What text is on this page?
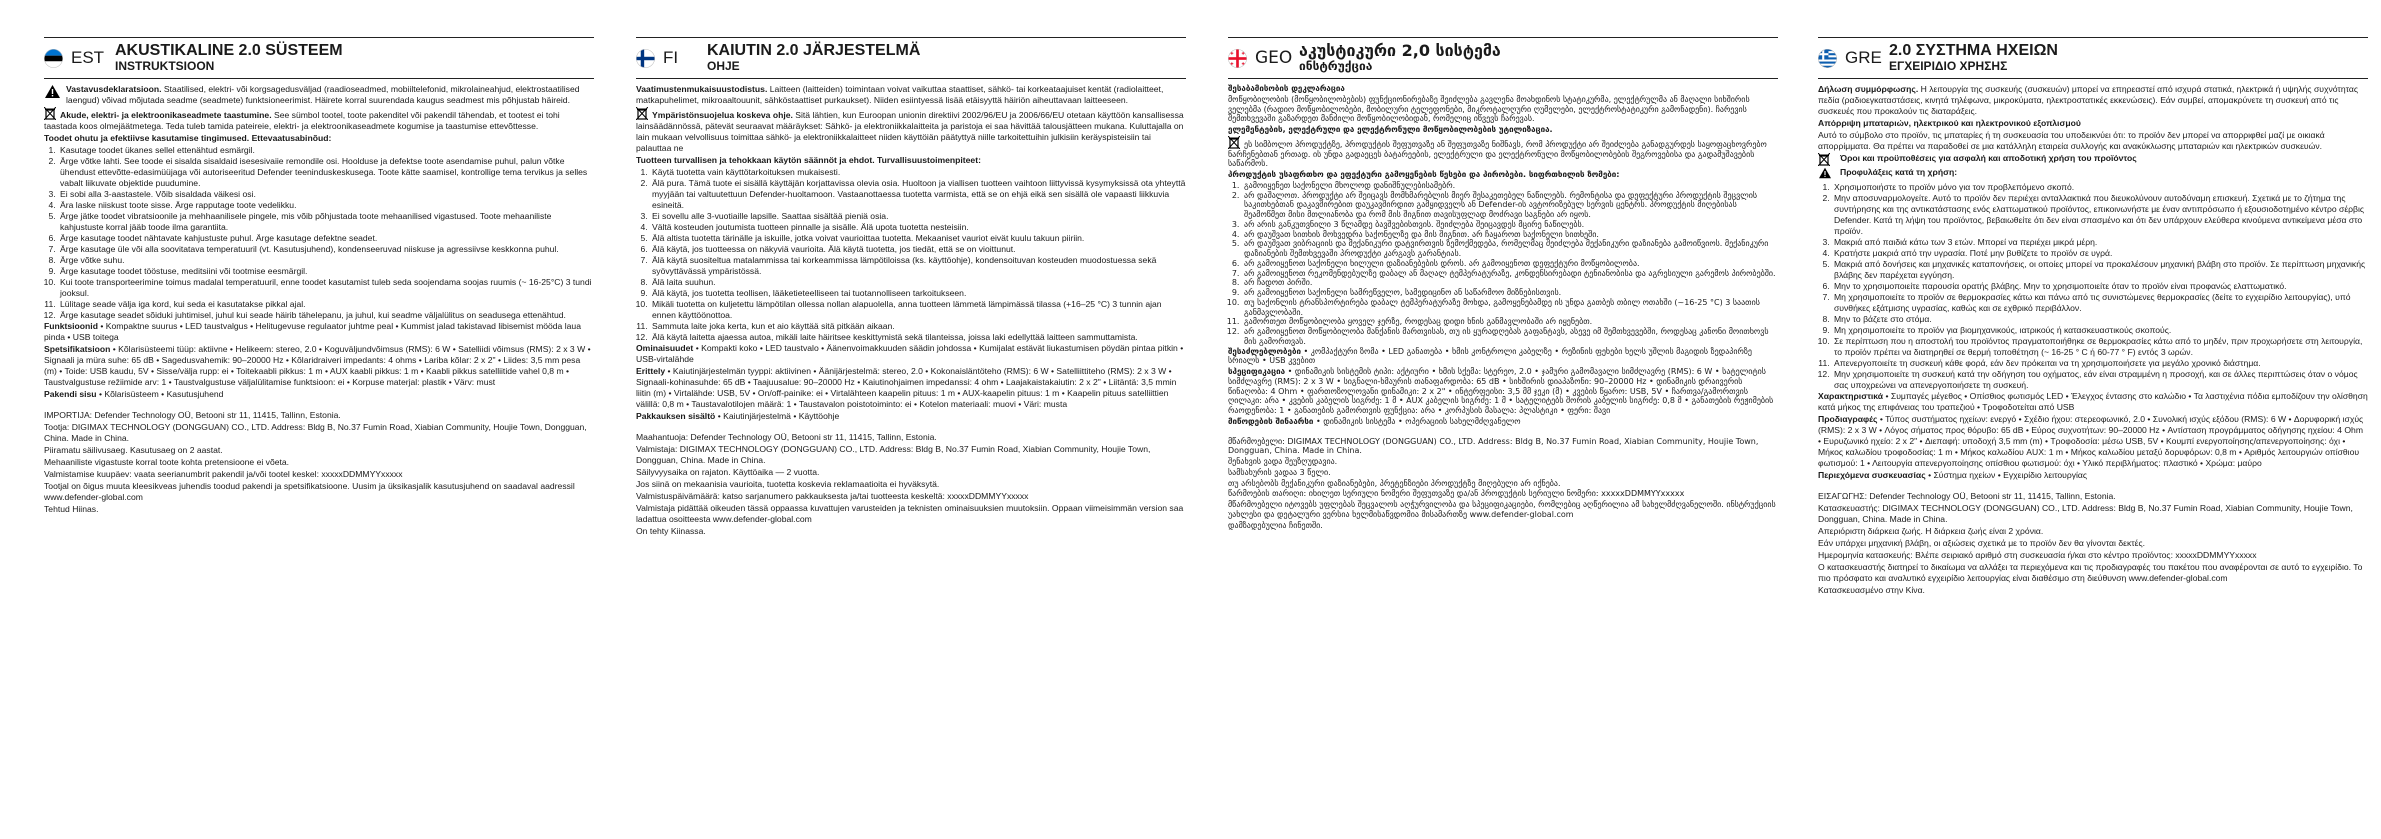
EST AKUSTIKALINE 2.0 SÜSTEEM
INSTRUKTSIOON

Vastavusdeklaratsioon. Staatilised, elektri- või korgsagedusväljad (raadioseadmed, mobiiltelefonid, mikrolaineahjud, elektrostaatilised laengud) võivad mõjutada seadme (seadmete) funktsioneerimist. Häirete korral suurendada kaugus seadmest mis põhjustab häireid.

Akude, elektri- ja elektroonikaseadmete taastumine. See sümbol tootel, toote pakenditel või pakendil tähendab, et tootest ei tohi taastada koos olmejäätmetega. Teda tuleb tamida pateireie, elektri- ja elektroonikaseadmete kogumise ja taastumise ettevõttesse.

Toodet ohutu ja efektiivse kasutamise tingimused. Ettevaatusabinõud:

1. Kasutage toodet ükanes sellel ettenähtud esmärgil.
2. Ärge võtke lahti. See toode ei sisalda sisaldaid isesesivaiie remondile osi. Hoolduse ja defektse toote asendamise puhul, palun võtke ühendust ettevõtte-edasimüüjaga või autoriseeritud Defender teeninduskeskusega. Toote kätte saamisel, kontrollige tema tervikus ja selles vabalt liikuvate objektide puudumine.
3. Ei sobi alla 3-aastastele. Võib sisaldada väikesi osi.
4. Ära laske niiskust toote sisse. Ärge rapputage toote vedelikku.
5. Ärge jätke toodet vibratsioonile ja mehhaanilisele pingele, mis võib põhjustada toote mehaanilised vigastused. Toote mehaaniliste kahjustuste korral jääb toode ilma garantiita.
6. Ärge kasutage toodet nähtavate kahjustuste puhul. Ärge kasutage defektne seadet.
7. Ärge kasutage üle või alla soovitatava temperatuuril (vt. Kasutusjuhend), kondenseeruvad niiskuse ja agressiivse keskkonna puhul.
8. Ärge võtke suhu.
9. Ärge kasutage toodet tööstuse, meditsiini või tootmise eesmärgil.
10. Kui toote transporteerimine toimus madalal temperatuuril, enne toodet kasutamist tuleb seda soojendama soojas ruumis (~ 16-25°C) 3 tundi jooksul.
11. Lülitage seade välja iga kord, kui seda ei kasutatakse pikkal ajal.
12. Ärge kasutage seadet sõiduki juhtimisel, juhul kui seade häirib tähelepanu, ja juhul, kui seadme väljalülitus on seadusega ettenähtud.

Funktsioonid • Kompaktne suurus • LED taustvalgus • Helitugevuse regulaator juhtme peal • Kummist jalad takistavad libisemist mööda laua pinda • USB toitega

Spetsifikatsioon • Kõlarisüsteemi tüüp: aktiivne • Helikeem: stereo, 2.0 • Koguväljundvõimsus (RMS): 6 W • Satelliidi võimsus (RMS): 2 x 3 W • Signaali ja müra suhe: 65 dB • Sagedusvahemik: 90–20000 Hz • Kõlaridraiveri impedants: 4 ohms • Lariba kõlar: 2 x 2" • Liides: 3,5 mm pesa (m) • Toide: USB kaudu, 5V • Sisse/välja rupp: ei • Toitekaabli pikkus: 1 m • AUX kaabli pikkus: 1 m • Kaabli pikkus satelliitide vahel 0,8 m • Taustvalgustuse režiimide arv: 1 • Taustvalgustuse väljalülitamise funktsioon: ei • Korpuse materjal: plastik • Värv: must

Pakendi sisu • Kõlarisüsteem • Kasutusjuhend

IMPORTIJA: Defender Technology OÜ, Betooni str 11, 11415, Tallinn, Estonia.

Tootja: DIGIMAX TECHNOLOGY (DONGGUAN) CO., LTD. Address: Bldg B, No.37 Fumin Road, Xiabian Community, Houjie Town, Dongguan, China. Made in China.

Piiramatu säilivusaeg. Kasutusaeg on 2 aastat.

Mehaaniliste vigastuste korral toote kohta pretensioone ei võeta.

Valmistamise kuupäev: vaata seerianumbrit pakendil ja/või tootel keskel: xxxxxDDMMYYxxxxx

Tootjal on õigus muuta kleesikveas juhendis toodud pakendi ja spetsifikatsioone. Uusim ja üksikasjalik kasutusjuhend on saadaval aadressil www.defender-global.com

Tehtud Hiinas.

FI	KAIUTIN 2.0 JÄRJESTELMÄ
OHJE

Vaatimustenmukaisuustodistus. Laitteen (laitteiden) toimintaan voivat vaikuttaa staattiset, sähkö- tai korkeataajuiset kentät (radiolaitteet, matkapuhelimet, mikroaaltouunit, sähköstaattiset purkaukset). Niiden esiintyessä lisää etäisyyttä häiriön aiheuttavaan laitteeseen.

Ympäristönsuojelua koskeva ohje. Sitä lähtien, kun Euroopan unionin direktiivi 2002/96/EU ja 2006/66/EU otetaan käyttöön kansallisessa lainsäädännössä, pätevät seuraavat määräykset: Sähkö- ja elektroniikkalaitteita ja paristoja ei saa hävittää talousjätteen mukana. Kuluttajalla on lain mukaan velvollisuus toimittaa sähkö- ja elektroniikkalaitteet niiden käyttöiän päätyttyä niille tarkoitettuihin julkisiin keräyspisteisiin tai palauttaa ne

Tuotteen turvallisen ja tehokkaan käytön säännöt ja ehdot. Turvallisuustoimenpiteet:

1. Käytä tuotetta vain käyttötarkoituksen mukaisesti.
2. Älä pura. Tämä tuote ei sisällä käyttäjän korjattavissa olevia osia. Huoltoon ja viallisen tuotteen vaihtoon liittyvissä kysymyksissä ota yhteyttä myyjään tai valtuutettuun Defender-huoltamoon. Vastaanottaessa tuotetta varmista, että se on ehjä eikä sen sisällä ole vapaasti liikkuvia esineitä.
3. Ei sovellu alle 3-vuotiaille lapsille. Saattaa sisältää pieniä osia.
4. Vältä kosteuden joutumista tuotteen pinnalle ja sisälle. Älä upota tuotetta nesteisiin.
5. Älä altista tuotetta tärinälle ja iskuille, jotka voivat vaurioittaa tuotetta. Mekaaniset vauriot eivät kuulu takuun piiriin.
6. Älä käytä, jos tuotteessa on näkyviä vaurioita. Älä käytä tuotetta, jos tiedät, että se on vioittunut.
7. Älä käytä suositeltua matalammissa tai korkeammissa lämpötiloissa (ks. käyttöohje), kondensoituvan kosteuden muodostuessa sekä syövyttävässä ympäristössä.
8. Älä laita suuhun.
9. Älä käytä, jos tuotetta teollisen, lääketieteelliseen tai tuotannolliseen tarkoitukseen.
10. Mikäli tuotetta on kuljetettu lämpötilan ollessa nollan alapuolella, anna tuotteen lämmetä lämpimässä tilassa (+16–25 °C) 3 tunnin ajan ennen käyttöönottoa.
11. Sammuta laite joka kerta, kun et aio käyttää sitä pitkään aikaan.
12. Älä käytä laitetta ajaessa autoa, mikäli laite häiritsee keskittymistä sekä tilanteissa, joissa laki edellyttää laitteen sammuttamista.

Ominaisuudet • Kompakti koko • LED taustvalo • Äänenvoimakkuuden säädin johdossa • Kumijalat estävät liukastumisen pöydän pintaa pitkin • USB-virtalähde

Erittely • Kaiutinjärjestelmän tyyppi: aktiivinen • Äänijärjestelmä: stereo, 2.0 • Kokonaisläntöteho (RMS): 6 W • Satelliittiteho (RMS): 2 x 3 W • Signaali-kohinasuhde: 65 dB • Taajuusalue: 90–20000 Hz • Kaiutinohjaimen impedanssi: 4 ohm • Laajakaistakaiutin: 2 x 2" • Liitäntä: 3,5 mmin liitin (m) • Virtalähde: USB, 5V • On/off-painike: ei • Virtalähteen kaapelin pituus: 1 m • AUX-kaapelin pituus: 1 m • Kaapelin pituus satelliittien välillä: 0,8 m • Taustavalotilojen määrä: 1 • Taustavalon poistotoiminto: ei • Kotelon materiaali: muovi • Väri: musta

Pakkauksen sisältö • Kaiutinjärjestelmä • Käyttöohje

Maahantuoja: Defender Technology OÜ, Betooni str 11, 11415, Tallinn, Estonia.

Valmistaja: DIGIMAX TECHNOLOGY (DONGGUAN) CO., LTD. Address: Bldg B, No.37 Fumin Road, Xiabian Community, Houjie Town, Dongguan, China. Made in China.

Säilyvyysaika on rajaton. Käyttöaika — 2 vuotta.

Jos siinä on mekaanisia vaurioita, tuotetta koskevia reklamaatioita ei hyväksytä.

Valmistuspäivämäärä: katso sarjanumero pakkauksesta ja/tai tuotteesta keskeltä: xxxxxDDMMYYxxxxx

Valmistaja pidättää oikeuden tässä oppaassa kuvattujen varusteiden ja teknisten ominaisuuksien muutoksiin. Oppaan viimeisimmän version saa ladattua osoitteesta www.defender-global.com

On tehty Kiinassa.

GEO აკუსტიკური 2,0 სისტემა
ინსტრუქცია

შესაბამისობის დეკლარაცია

მოწყობილობის (მოწყობილობების) ფუნქციონირებაზე შეიძლება გავლენა მოახდინოს სტატიკურმა, ელექტრულმა ან მაღალი სიხშირის ველებმა (რადიო მოწყობილობები, მობილური ტელეფონები, მიკროტალღური ღუმელები, ელექტროსტატიკური გამონადენი). ჩარევის შემთხვევაში გაზარდეთ მანძილი მოწყობილობიდან, რომელიც იწვევს ჩარევას.

ელემენტების, ელექტრული და ელექტრონული მოწყობილობების უტილიზაცია.

ეს სიმბოლო პროდუქტზე, პროდუქტის შეფუთვაზე ან შეფუთვაზე ნიშნავს, რომ პროდუქტი არ შეიძლება განადგურდეს საყოფაცხოვრებო ნარჩენებთან ერთად. ის უნდა გადაეცეს ბატარეების, ელექტრული და ელექტრონული მოწყობილობების შეგროვებისა და გადამუშავების საწარმოს.

პროდუქტის უსაფრთხო და ეფექტური გამოყენების წესები და პირობები. სიფრთხილის ზომები:

1. გამოიყენეთ საქონელი მხოლოდ დანიშნულებისამებრ.
2. არ დაშალოთ. პროდუქტი არ შეიცავს მომხმარებლის მიერ შესაკეთებელ ნაწილებს. რემონტისა და დეფექტური პროდუქტის შეცვლის საკითხებთან დაკავშირებით დაუკავშირდით გამყიდველს ან Defender-ის ავტორიზებულ სერვის ცენტრს. პროდუქტის მიღებისას შეამოწმეთ მისი მთლიანობა და რომ მის შიგნით თავისუფლად მოძრავი საგნები არ იყოს.
3. არ არის განკუთვნილი 3 წლამდე ბავშვებისთვის. შეიძლება შეიცავდეს მცირე ნაწილებს.
4. არ დაუშვათ სითხის მოხვედრა საქონელზე და მის შიგნით. არ ჩაყაროთ საქონელი სითხეში.
5. არ დაუშვათ ვიბრაციის და მექანიკური დატვირთვის ზემოქმედება, რომელმაც შეიძლება მექანიკური დაზიანება გამოიწვიოს. მექანიკური დაზიანების შემთხვევაში პროდუქტი კარგავს გარანტიას.
6. არ გამოიყენოთ საქონელი ხილული დაზიანებების დროს. არ გამოიყენოთ დეფექტური მოწყობილობა.
7. არ გამოიყენოთ რეკომენდებულზე დაბალ ან მაღალ ტემპერატურაზე, კონდენსირებადი ტენიანობისა და აგრესიული გარემოს პირობებში.
8. არ ჩადოთ პირში.
9. არ გამოიყენოთ საქონელი სამრეწველო, სამედიცინო ან საწარმოო მიზნებისთვის.
10. თუ საქონლის ტრანსპორტირება დაბალ ტემპერატურაზე მოხდა, გამოყენებამდე ის უნდა გათბეს თბილ ოთახში (~16-25 °C) 3 საათის განმავლობაში.
11. გამორთეთ მოწყობილობა ყოველ ჯერზე, როდესაც დიდი ხნის განმავლობაში არ იყენებთ.
12. არ გამოიყენოთ მოწყობილობა მანქანის მართვისას, თუ ის ყურადღებას გაფანტავს, ასევე იმ შემთხვევებში, როდესაც კანონი მოითხოვს მის გამორთვას.

შესაძლებლობები • კომპაქტური ზომა • LED განათება • ხმის კონტროლი კაბელზე • რეზინის ფეხები ხელს უშლის მაგიდის ზედაპირზე სრიალს • USB კვებით

სპეციფიკაცია • დინამიკის სისტემის ტიპი: აქტიური • ხმის სქემა: სტერეო, 2.0 • ჯამური გამომავალი სიმძლავრე (RMS): 6 W • სატელიტის სიმძლავრე (RMS): 2 x 3 W • სიგნალი-ხმაურის თანაფარდობა: 65 dB • სიხშირის დიაპაზონი: 90–20000 Hz • დინამიკის დრაივერის წინაღობა: 4 Ohm • ფართოზოლოვანი დინამიკი: 2 x 2" • ინტერფეისი: 3,5 მმ ჯეკი (მ) • კვების წყარო: USB, 5V • ჩართვა/გამორთვის ღილაკი: არა • კვების კაბელის სიგრძე: 1 მ • AUX კაბელის სიგრძე: 1 მ • სატელიტებს შორის კაბელის სიგრძე: 0,8 მ • განათების რეჟიმების რაოდენობა: 1 • განათების გამორთვის ფუნქცია: არა • კორპუსის მასალა: პლასტიკი • ფერი: შავი

მიწოდების შინაარსი • დინამიკის სისტემა • ოპერაციის სახელმძღვანელო

მწარმოებელი: DIGIMAX TECHNOLOGY (DONGGUAN) CO., LTD. Address: Bldg B, No.37 Fumin Road, Xiabian Community, Houjie Town, Dongguan, China. Made in China.

შენახვის ვადა შეუზღუდავია.

სამსახურის ვადაა 3 წელი.

თუ არსებობს მექანიკური დაზიანებები, პრეტენზიები პროდუქტზე მიღებული არ იქნება.

წარმოების თარიღი: იხილეთ სერიული ნომერი შეფუთვაზე და/ან პროდუქტის სერიული ნომერი: xxxxxDDMMYYxxxxx

მწარმოებელი იტოვებს უფლებას შეცვალოს აღჭურვილობა და სპეციფიკაციები, რომლებიც აღწერილია ამ სახელმძღვანელოში. ინსტრუქციის უახლესი და დეტალური ვერსია ხელმისაწვდომია მისამართზე www.defender-global.com

დამზადებულია ჩინეთში.

GRE 2.0 ΣΥΣΤΗΜΑ ΗΧΕΙΩΝ
ΕΓΧΕΙΡΙΔΙΟ ΧΡΗΣΗΣ

Δήλωση συμμόρφωσης. Η λειτουργία της συσκευής (συσκευών) μπορεί να επηρεαστεί από ισχυρά στατικά, ηλεκτρικά ή υψηλής συχνότητας πεδία (ραδιοεγκαταστάσεις, κινητά τηλέφωνα, μικροκύματα, ηλεκτροστατικές εκκενώσεις). Εάν συμβεί, απομακρύνετε τη συσκευή από τις συσκευές που προκαλούν τις διαταράξεις.

Απόρριψη μπαταριών, ηλεκτρικού και ηλεκτρονικού εξοπλισμού

Αυτό το σύμβολο στο προϊόν, τις μπαταρίες ή τη συσκευασία του υποδεικνύει ότι: το προϊόν δεν μπορεί να απορριφθεί μαζί με οικιακά απορρίμματα. Θα πρέπει να παραδοθεί σε μια κατάλληλη εταιρεία συλλογής και ανακύκλωσης μπαταριών και ηλεκτρικών συσκευών.

Όροι και προϋποθέσεις για ασφαλή και αποδοτική χρήση του προϊόντος

Προφυλάξεις κατά τη χρήση:

1. Χρησιμοποιήστε το προϊόν μόνο για τον προβλεπόμενο σκοπό.
2. Μην αποσυναρμολογείτε. Αυτό το προϊόν δεν περιέχει ανταλλακτικά που διευκολύνουν αυτοδύναμη επισκευή. Σχετικά με το ζήτημα της συντήρησης και της αντικατάστασης ενός ελαττωματικού προϊόντος, επικοινωνήστε με έναν αντιπρόσωπο ή εξουσιοδοτημένο κέντρο σέρβις Defender. Κατά τη λήψη του προϊόντος, βεβαιωθείτε ότι δεν είναι σπασμένο και ότι δεν υπάρχουν ελεύθερα κινούμενα αντικείμενα μέσα στο προϊόν.
3. Μακριά από παιδιά κάτω των 3 ετών. Μπορεί να περιέχει μικρά μέρη.
4. Κρατήστε μακριά από την υγρασία. Ποτέ μην βυθίζετε το προϊόν σε υγρά.
5. Μακριά από δονήσεις και μηχανικές καταπονήσεις, οι οποίες μπορεί να προκαλέσουν μηχανική βλάβη στο προϊόν. Σε περίπτωση μηχανικής βλάβης δεν παρέχεται εγγύηση.
6. Μην το χρησιμοποιείτε παρουσία ορατής βλάβης. Μην το χρησιμοποιείτε όταν το προϊόν είναι προφανώς ελαττωματικό.
7. Μη χρησιμοποιείτε το προϊόν σε θερμοκρασίες κάτω και πάνω από τις συνιστώμενες θερμοκρασίες (δείτε το εγχειρίδιο λειτουργίας), υπό συνθήκες εξάτμισης υγρασίας, καθώς και σε εχθρικό περιβάλλον.
8. Μην το βάζετε στο στόμα.
9. Μη χρησιμοποιείτε το προϊόν για βιομηχανικούς, ιατρικούς ή κατασκευαστικούς σκοπούς.
10. Σε περίπτωση που η αποστολή του προϊόντος πραγματοποιήθηκε σε θερμοκρασίες κάτω από το μηδέν, πριν προχωρήσετε στη λειτουργία, το προϊόν πρέπει να διατηρηθεί σε θερμή τοποθέτηση (~ 16-25 ° C ή 60-77 ° F) εντός 3 ωρών.
11. Απενεργοποιείτε τη συσκευή κάθε φορά, εάν δεν πρόκειται να τη χρησιμοποιήσετε για μεγάλο χρονικό διάστημα.
12. Μην χρησιμοποιείτε τη συσκευή κατά την οδήγηση του οχήματος, εάν είναι στραμμένη η προσοχή, και σε άλλες περιπτώσεις όταν ο νόμος σας υποχρεώνει να απενεργοποιήσετε τη συσκευή.

Χαρακτηριστικά • Συμπαγές μέγεθος • Οπίσθιος φωτισμός LED • Έλεγχος έντασης στο καλώδιο • Τα λαστιχένια πόδια εμποδίζουν την ολίσθηση κατά μήκος της επιφάνειας του τραπεζιού • Τροφοδοτείται από USB

Προδιαγραφές • Τύπος συστήματος ηχείων: ενεργό • Σχέδιο ήχου: στερεοφωνικό, 2.0 • Συνολική ισχύς εξόδου (RMS): 6 W • Δορυφορική ισχύς (RMS): 2 x 3 W • Λόγος σήματος προς θόρυβο: 65 dB • Εύρος συχνοτήτων: 90–20000 Hz • Αντίσταση προγράμματος οδήγησης ηχείου: 4 Ohm • Ευρυζωνικό ηχείο: 2 x 2" • Διεπαφή: υποδοχή 3,5 mm (m) • Τροφοδοσία: μέσω USB, 5V • Κουμπί ενεργοποίησης/απενεργοποίησης: όχι • Μήκος καλωδίου τροφοδοσίας: 1 m • Μήκος καλωδίου AUX: 1 m • Μήκος καλωδίου μεταξύ δορυφόρων: 0,8 m • Αριθμός λειτουργιών οπίσθιου φωτισμού: 1 • Λειτουργία απενεργοποίησης οπίσθιου φωτισμού: όχι • Υλικό περιβλήματος: πλαστικό • Χρώμα: μαύρο

Περιεχόμενα συσκευασίας • Σύστημα ηχείων • Εγχειρίδιο λειτουργίας

ΕΙΣΑΓΩΓΗΣ: Defender Technology OÜ, Betooni str 11, 11415, Tallinn, Estonia.

Κατασκευαστής: DIGIMAX TECHNOLOGY (DONGGUAN) CO., LTD. Address: Bldg B, No.37 Fumin Road, Xiabian Community, Houjie Town, Dongguan, China. Made in China.

Απεριόριστη διάρκεια ζωής. Η διάρκεια ζωής είναι 2 χρόνια.

Εάν υπάρχει μηχανική βλάβη, οι αξιώσεις σχετικά με το προϊόν δεν θα γίνονται δεκτές.

Ημερομηνία κατασκευής: Βλέπε σειριακό αριθμό στη συσκευασία ή/και στο κέντρο προϊόντος: xxxxxDDMMYYxxxxx

Ο κατασκευαστής διατηρεί το δικαίωμα να αλλάξει τα περιεχόμενα και τις προδιαγραφές του πακέτου που αναφέρονται σε αυτό το εγχειρίδιο. Το πιο πρόσφατο και αναλυτικό εγχειρίδιο λειτουργίας είναι διαθέσιμο στη διεύθυνση www.defender-global.com

Κατασκευασμένο στην Κίνα.
